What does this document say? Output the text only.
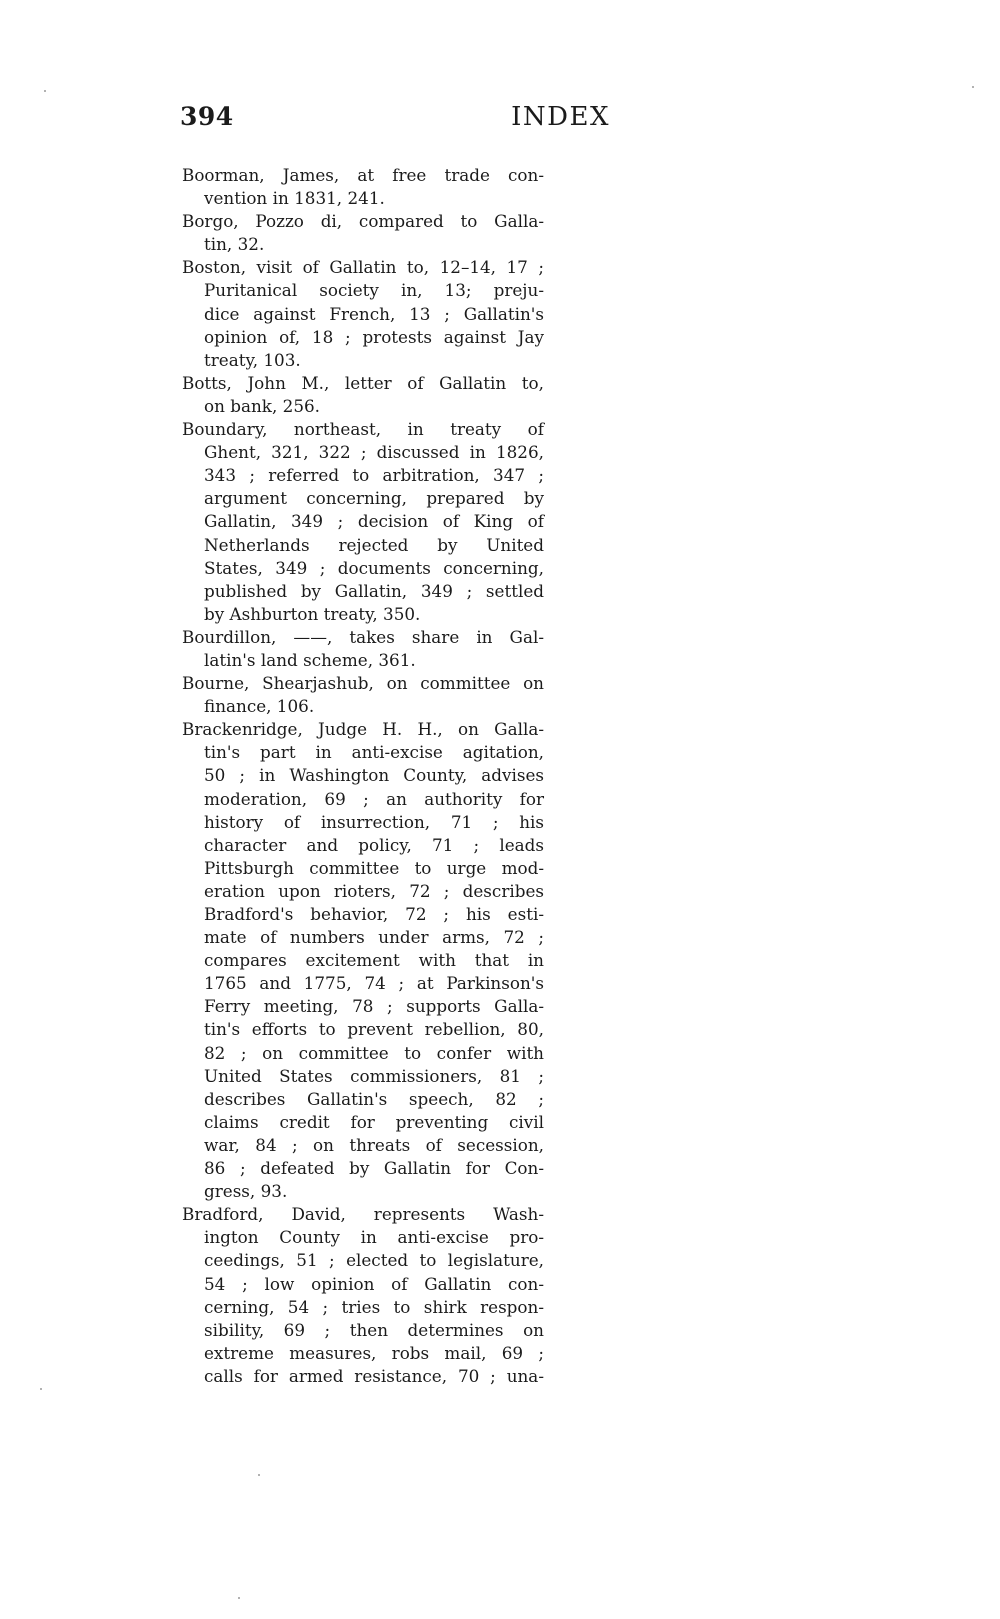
394	INDEX
Boorman, James, at free trade con-
vention in 1831, 241.
Borgo, Pozzo di, compared to Galla-
tin, 32.
Boston, visit of Gallatin to, 12–14, 17 ;
Puritanical society in, 13; preju-
dice against French, 13 ; Gallatin's
opinion of, 18 ; protests against Jay
treaty, 103.
Botts, John M., letter of Gallatin to,
on bank, 256.
Boundary, northeast, in treaty of
Ghent, 321, 322 ; discussed in 1826,
343 ; referred to arbitration, 347 ;
argument concerning, prepared by
Gallatin, 349 ; decision of King of
Netherlands rejected by United
States, 349 ; documents concerning,
published by Gallatin, 349 ; settled
by Ashburton treaty, 350.
Bourdillon, ——, takes share in Gal-
latin's land scheme, 361.
Bourne, Shearjashub, on committee on
finance, 106.
Brackenridge, Judge H. H., on Galla-
tin's part in anti-excise agitation,
50 ; in Washington County, advises
moderation, 69 ; an authority for
history of insurrection, 71 ; his
character and policy, 71 ; leads
Pittsburgh committee to urge mod-
eration upon rioters, 72 ; describes
Bradford's behavior, 72 ; his esti-
mate of numbers under arms, 72 ;
compares excitement with that in
1765 and 1775, 74 ; at Parkinson's
Ferry meeting, 78 ; supports Galla-
tin's efforts to prevent rebellion, 80,
82 ; on committee to confer with
United States commissioners, 81 ;
describes Gallatin's speech, 82 ;
claims credit for preventing civil
war, 84 ; on threats of secession,
86 ; defeated by Gallatin for Con-
gress, 93.
Bradford, David, represents Wash-
ington County in anti-excise pro-
ceedings, 51 ; elected to legislature,
54 ; low opinion of Gallatin con-
cerning, 54 ; tries to shirk respon-
sibility, 69 ; then determines on
extreme measures, robs mail, 69 ;
calls for armed resistance, 70 ; una-
